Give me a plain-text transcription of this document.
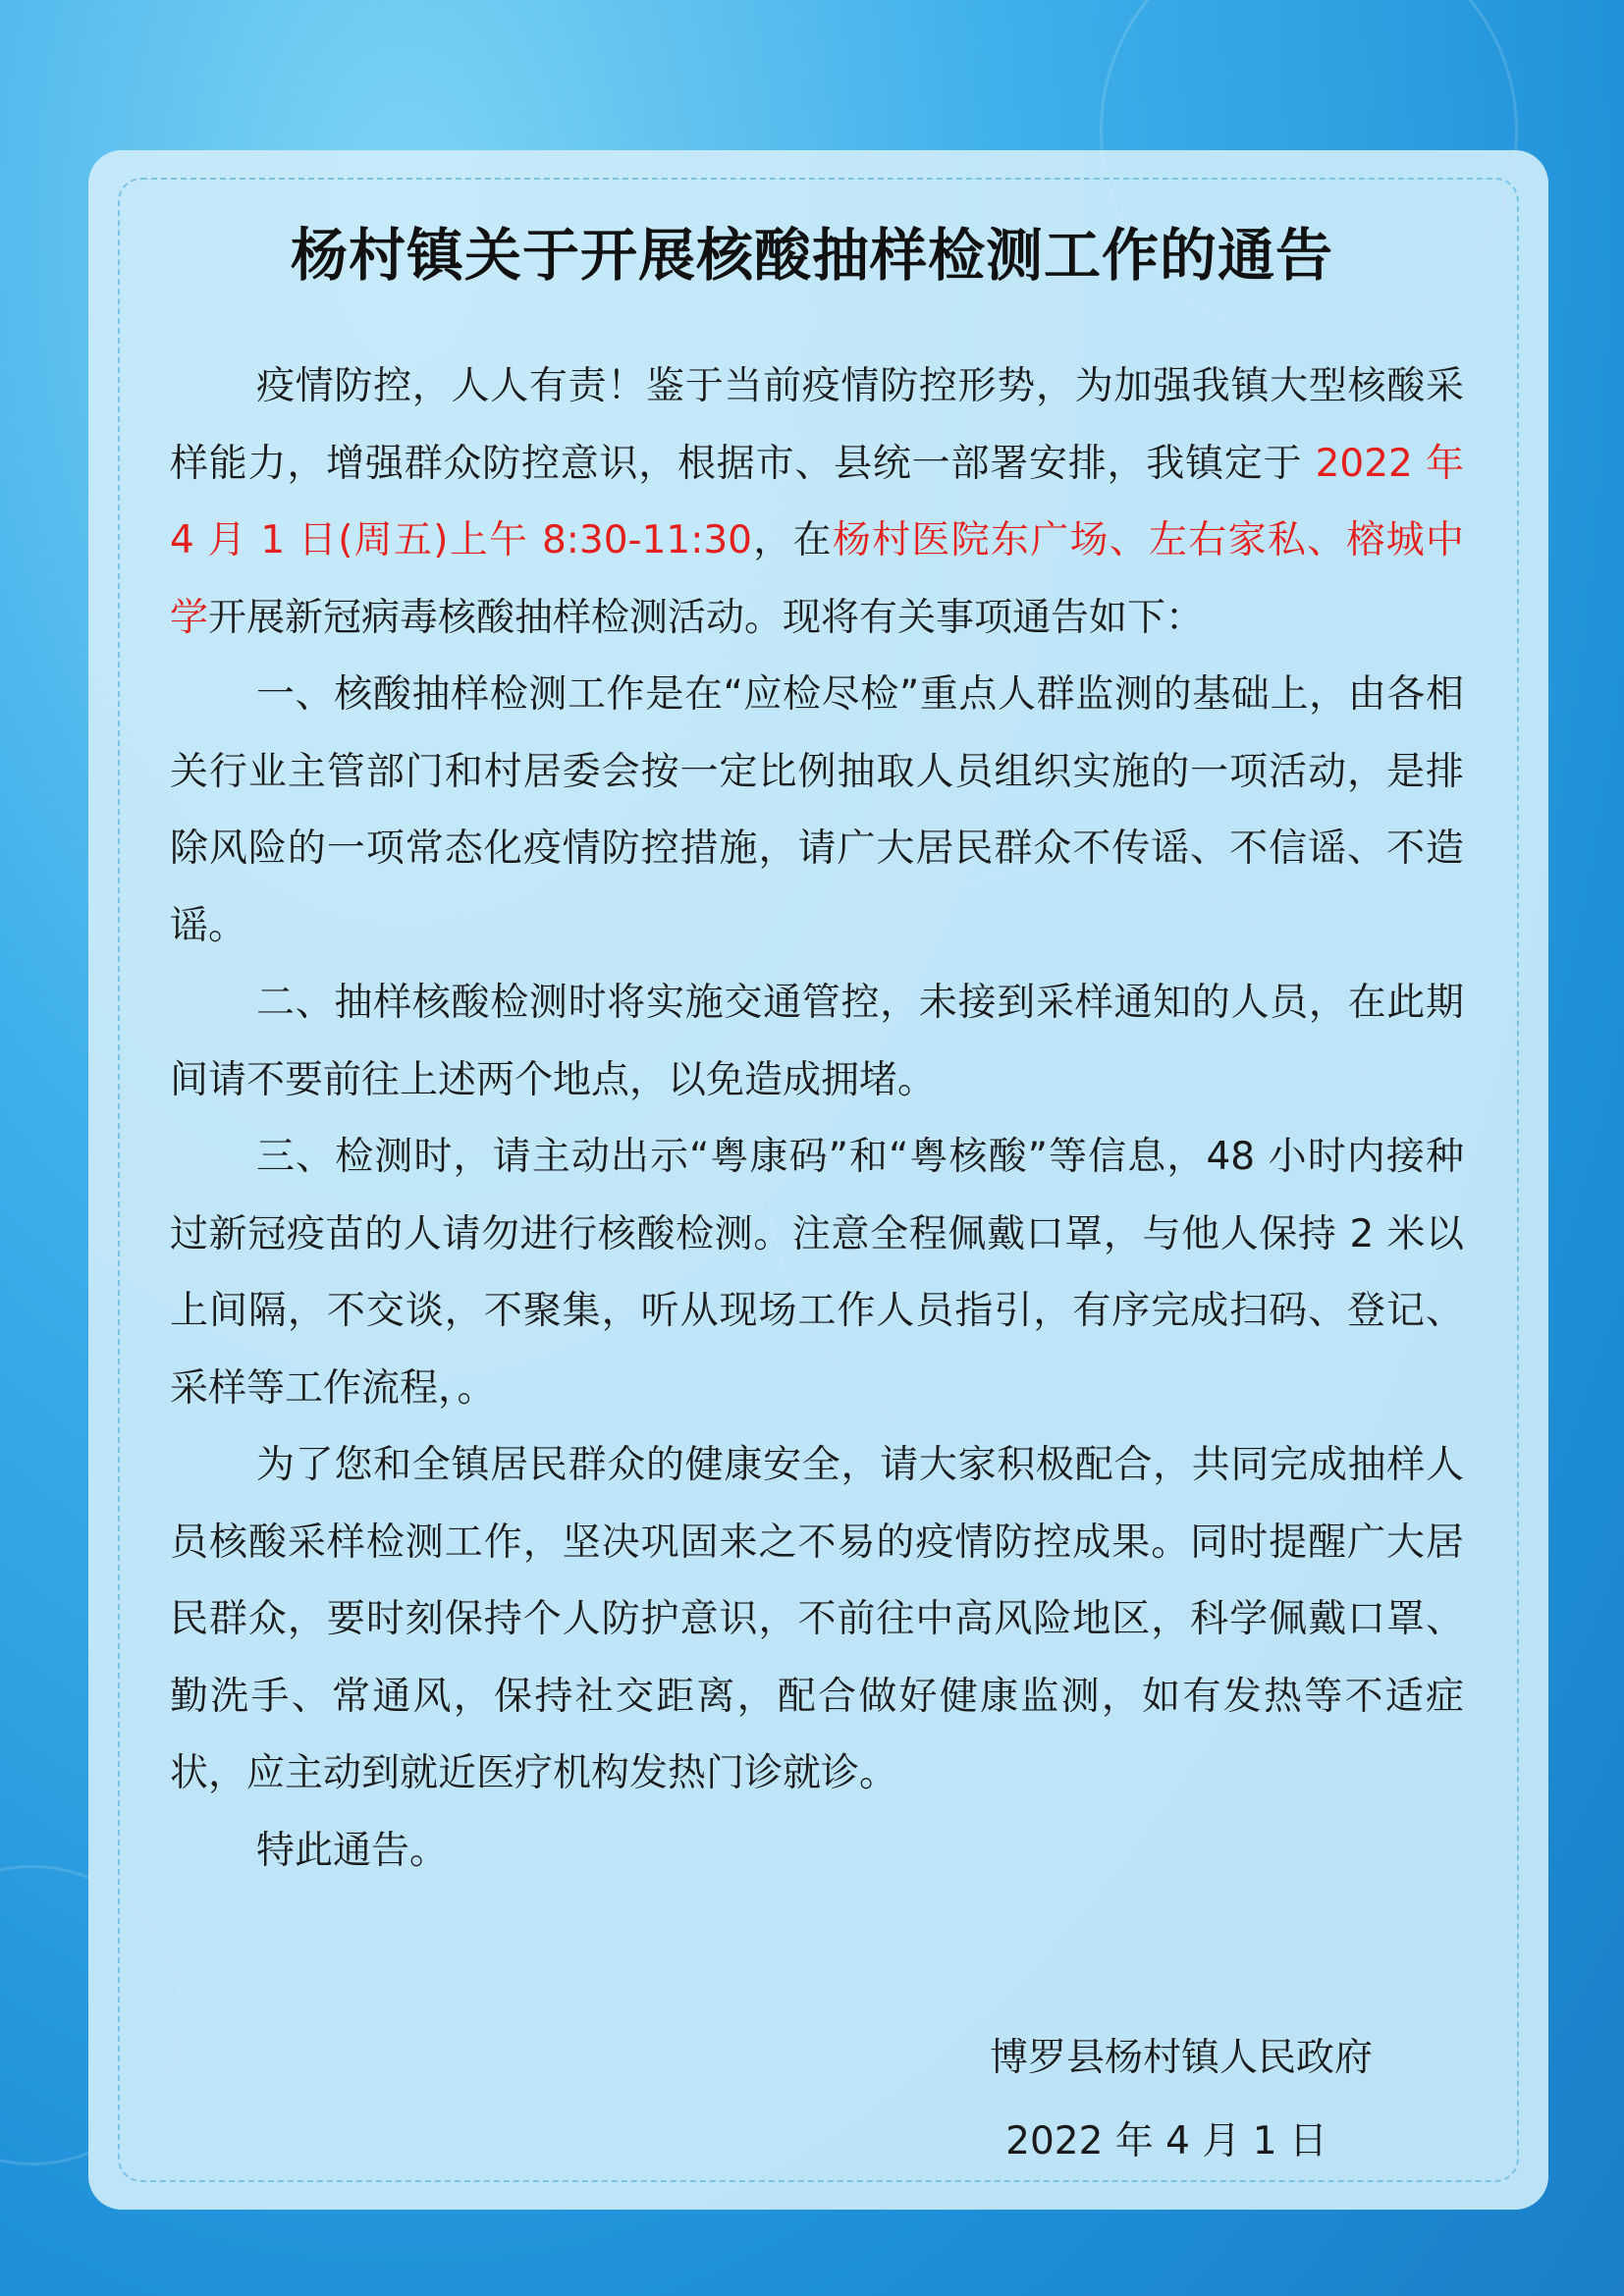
杨村镇关于开展核酸抽样检测工作的通告

疫情防控，人人有责！鉴于当前疫情防控形势，为加强我镇大型核酸采样能力，增强群众防控意识，根据市、县统一部署安排，我镇定于 2022 年 4 月 1 日(周五)上午 8:30-11:30，在杨村医院东广场、左右家私、榕城中学开展新冠病毒核酸抽样检测活动。现将有关事项通告如下：

一、核酸抽样检测工作是在“应检尽检”重点人群监测的基础上，由各相关行业主管部门和村居委会按一定比例抽取人员组织实施的一项活动，是排除风险的一项常态化疫情防控措施，请广大居民群众不传谣、不信谣、不造谣。

二、抽样核酸检测时将实施交通管控，未接到采样通知的人员，在此期间请不要前往上述两个地点，以免造成拥堵。

三、检测时，请主动出示“粤康码”和“粤核酸”等信息，48 小时内接种过新冠疫苗的人请勿进行核酸检测。注意全程佩戴口罩，与他人保持 2 米以上间隔，不交谈，不聚集，听从现场工作人员指引，有序完成扫码、登记、采样等工作流程，。

为了您和全镇居民群众的健康安全，请大家积极配合，共同完成抽样人员核酸采样检测工作，坚决巩固来之不易的疫情防控成果。同时提醒广大居民群众，要时刻保持个人防护意识，不前往中高风险地区，科学佩戴口罩、勤洗手、常通风，保持社交距离，配合做好健康监测，如有发热等不适症状，应主动到就近医疗机构发热门诊就诊。

特此通告。

博罗县杨村镇人民政府

2022 年 4 月 1 日
